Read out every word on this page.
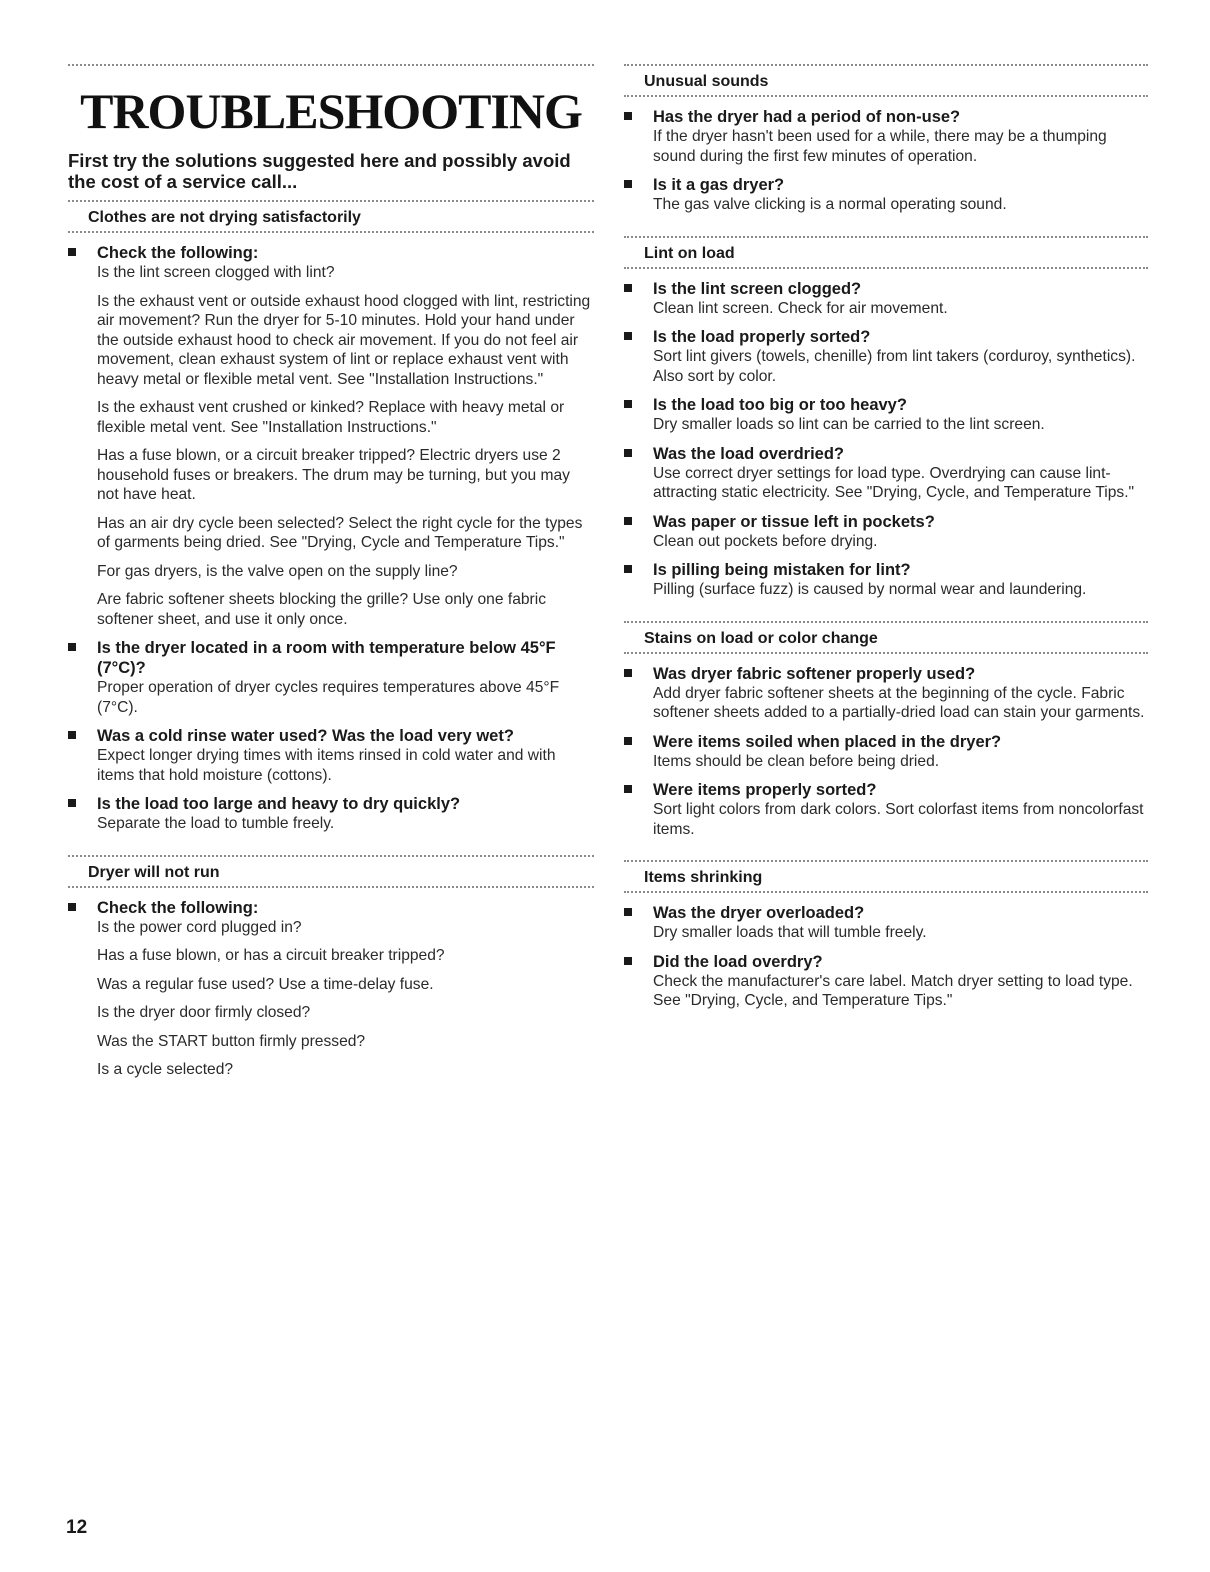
TROUBLESHOOTING
First try the solutions suggested here and possibly avoid the cost of a service call...
Clothes are not drying satisfactorily
Check the following:
Is the lint screen clogged with lint?
Is the exhaust vent or outside exhaust hood clogged with lint, restricting air movement? Run the dryer for 5-10 minutes. Hold your hand under the outside exhaust hood to check air movement. If you do not feel air movement, clean exhaust system of lint or replace exhaust vent with heavy metal or flexible metal vent. See "Installation Instructions."
Is the exhaust vent crushed or kinked? Replace with heavy metal or flexible metal vent. See "Installation Instructions."
Has a fuse blown, or a circuit breaker tripped? Electric dryers use 2 household fuses or breakers. The drum may be turning, but you may not have heat.
Has an air dry cycle been selected? Select the right cycle for the types of garments being dried. See "Drying, Cycle and Temperature Tips."
For gas dryers, is the valve open on the supply line?
Are fabric softener sheets blocking the grille? Use only one fabric softener sheet, and use it only once.
Is the dryer located in a room with temperature below 45°F (7°C)?
Proper operation of dryer cycles requires temperatures above 45°F (7°C).
Was a cold rinse water used? Was the load very wet?
Expect longer drying times with items rinsed in cold water and with items that hold moisture (cottons).
Is the load too large and heavy to dry quickly?
Separate the load to tumble freely.
Dryer will not run
Check the following:
Is the power cord plugged in?
Has a fuse blown, or has a circuit breaker tripped?
Was a regular fuse used? Use a time-delay fuse.
Is the dryer door firmly closed?
Was the START button firmly pressed?
Is a cycle selected?
Unusual sounds
Has the dryer had a period of non-use?
If the dryer hasn't been used for a while, there may be a thumping sound during the first few minutes of operation.
Is it a gas dryer?
The gas valve clicking is a normal operating sound.
Lint on load
Is the lint screen clogged?
Clean lint screen. Check for air movement.
Is the load properly sorted?
Sort lint givers (towels, chenille) from lint takers (corduroy, synthetics). Also sort by color.
Is the load too big or too heavy?
Dry smaller loads so lint can be carried to the lint screen.
Was the load overdried?
Use correct dryer settings for load type. Overdrying can cause lint-attracting static electricity. See "Drying, Cycle, and Temperature Tips."
Was paper or tissue left in pockets?
Clean out pockets before drying.
Is pilling being mistaken for lint?
Pilling (surface fuzz) is caused by normal wear and laundering.
Stains on load or color change
Was dryer fabric softener properly used?
Add dryer fabric softener sheets at the beginning of the cycle. Fabric softener sheets added to a partially-dried load can stain your garments.
Were items soiled when placed in the dryer?
Items should be clean before being dried.
Were items properly sorted?
Sort light colors from dark colors. Sort colorfast items from noncolorfast items.
Items shrinking
Was the dryer overloaded?
Dry smaller loads that will tumble freely.
Did the load overdry?
Check the manufacturer's care label. Match dryer setting to load type. See "Drying, Cycle, and Temperature Tips."
12
